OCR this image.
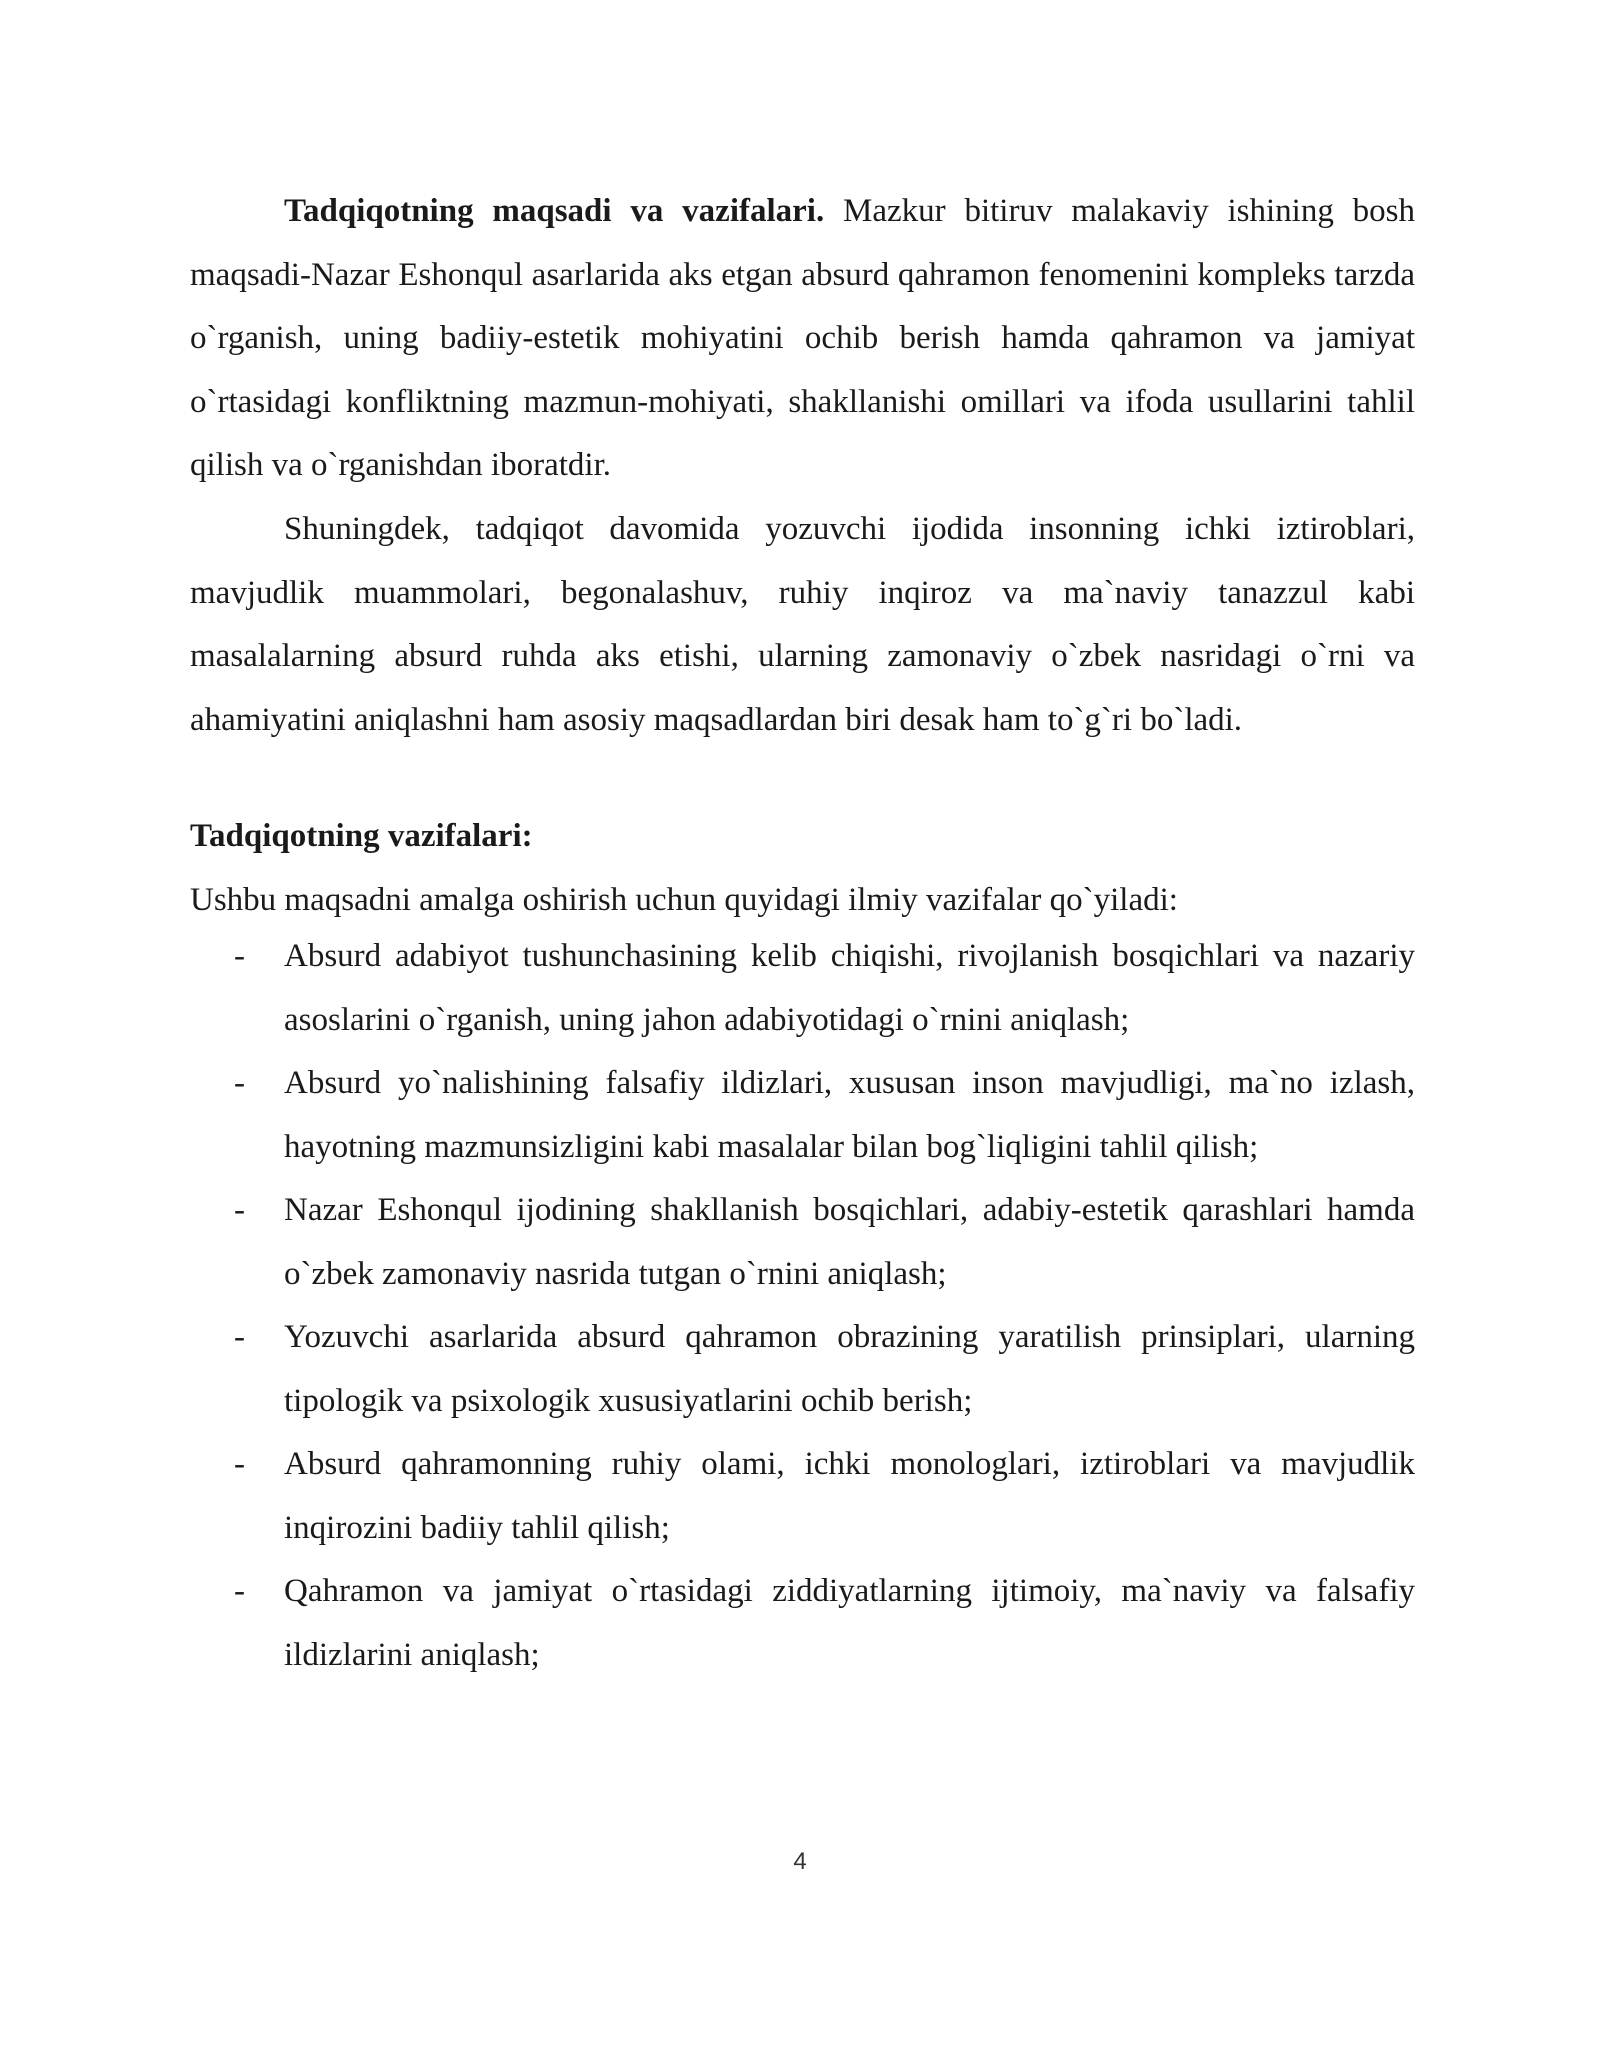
Tadqiqotning maqsadi va vazifalari. Mazkur bitiruv malakaviy ishining bosh maqsadi-Nazar Eshonqul asarlarida aks etgan absurd qahramon fenomenini kompleks tarzda o`rganish, uning badiiy-estetik mohiyatini ochib berish hamda qahramon va jamiyat o`rtasidagi konfliktning mazmun-mohiyati, shakllanishi omillari va ifoda usullarini tahlil qilish va o`rganishdan iboratdir.

Shuningdek, tadqiqot davomida yozuvchi ijodida insonning ichki iztiroblari, mavjudlik muammolari, begonalashuv, ruhiy inqiroz va ma`naviy tanazzul kabi masalalarning absurd ruhda aks etishi, ularning zamonaviy o`zbek nasridagi o`rni va ahamiyatini aniqlashni ham asosiy maqsadlardan biri desak ham to`g`ri bo`ladi.

Tadqiqotning vazifalari:

Ushbu maqsadni amalga oshirish uchun quyidagi ilmiy vazifalar qo`yiladi:

- Absurd adabiyot tushunchasining kelib chiqishi, rivojlanish bosqichlari va nazariy asoslarini o`rganish, uning jahon adabiyotidagi o`rnini aniqlash;
- Absurd yo`nalishining falsafiy ildizlari, xususan inson mavjudligi, ma`no izlash, hayotning mazmunsizligini kabi masalalar bilan bog`liqligini tahlil qilish;
- Nazar Eshonqul ijodining shakllanish bosqichlari, adabiy-estetik qarashlari hamda o`zbek zamonaviy nasrida tutgan o`rnini aniqlash;
- Yozuvchi asarlarida absurd qahramon obrazining yaratilish prinsiplari, ularning tipologik va psixologik xususiyatlarini ochib berish;
- Absurd qahramonning ruhiy olami, ichki monologlari, iztiroblari va mavjudlik inqirozini badiiy tahlil qilish;
- Qahramon va jamiyat o`rtasidagi ziddiyatlarning ijtimoiy, ma`naviy va falsafiy ildizlarini aniqlash;
4
